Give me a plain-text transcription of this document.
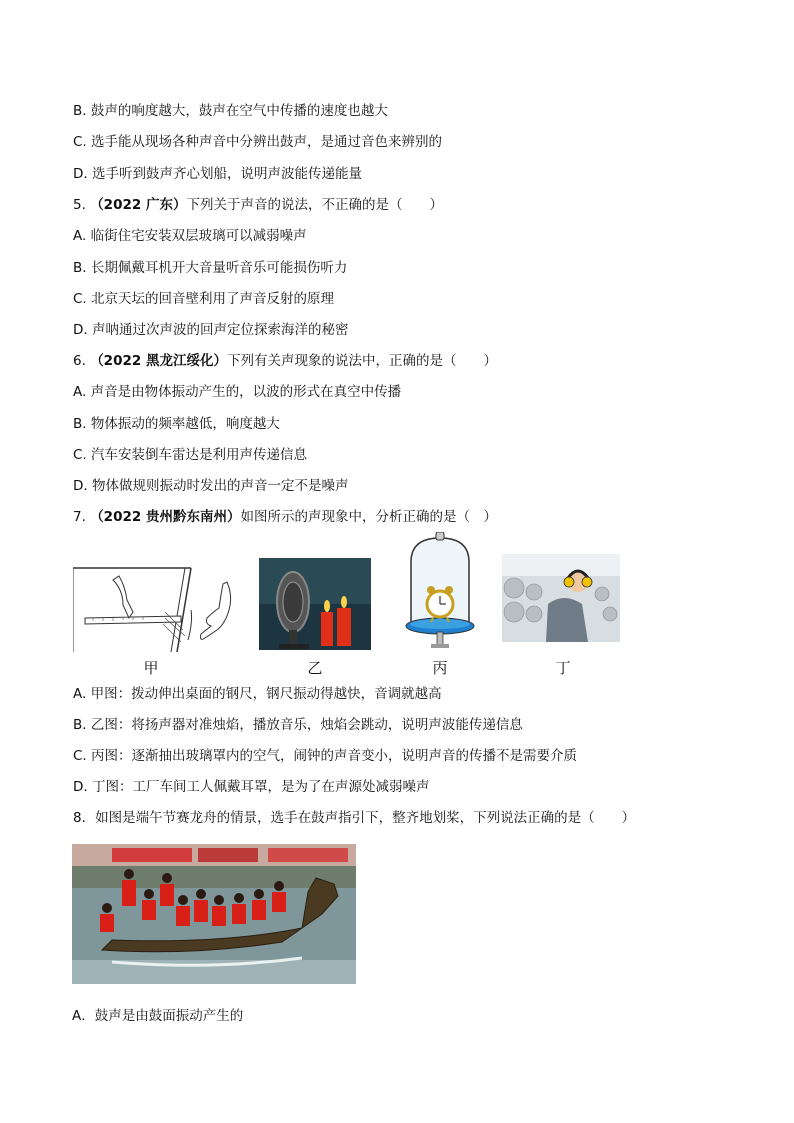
B. 鼓声的响度越大，鼓声在空气中传播的速度也越大
C. 选手能从现场各种声音中分辨出鼓声，是通过音色来辨别的
D. 选手听到鼓声齐心划船，说明声波能传递能量
5. （2022 广东）下列关于声音的说法，不正确的是（　　）
A. 临街住宅安装双层玻璃可以减弱噪声
B. 长期佩戴耳机开大音量听音乐可能损伤听力
C. 北京天坛的回音壁利用了声音反射的原理
D. 声呐通过次声波的回声定位探索海洋的秘密
6. （2022 黑龙江绥化）下列有关声现象的说法中，正确的是（　　）
A. 声音是由物体振动产生的，以波的形式在真空中传播
B. 物体振动的频率越低，响度越大
C. 汽车安装倒车雷达是利用声传递信息
D. 物体做规则振动时发出的声音一定不是噪声
7. （2022 贵州黔东南州）如图所示的声现象中，分析正确的是（　）
甲	乙	丙	丁
A. 甲图：拨动伸出桌面的钢尺，钢尺振动得越快，音调就越高
B. 乙图：将扬声器对准烛焰，播放音乐，烛焰会跳动，说明声波能传递信息
C. 丙图：逐渐抽出玻璃罩内的空气，闹钟的声音变小，说明声音的传播不是需要介质
D. 丁图：工厂车间工人佩戴耳罩，是为了在声源处减弱噪声
8．如图是端午节赛龙舟的情景，选手在鼓声指引下，整齐地划桨，下列说法正确的是（　　）
A．鼓声是由鼓面振动产生的
